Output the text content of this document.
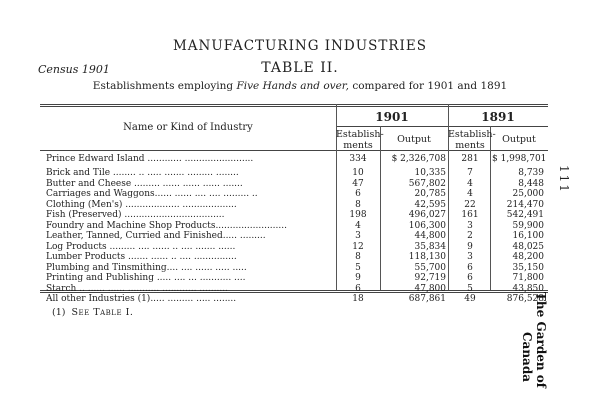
MANUFACTURING INDUSTRIES
Census 1901	TABLE II.
Establishments employing Five Hands and over, compared for 1901 and 1891
Name or Kind of Industry
1901	1891
Establish-
ments
Output	Establish-
ments
Output
Prince Edward Island ............ ........................	334	$ 2,326,708	281	$ 1,998,701
Brick and Tile ........ .. ..... ....... ......... ........	10	10,335	7	8,739
Butter and Cheese ......... ...... ...... ...... .......	47	567,802	4	8,448
Carriages and Waggons...... ...... .... .... ......... ..	6	20,785	4	25,000
Clothing (Men's) ................... ...................	8	42,595	22	214,470
Fish (Preserved) ...................................	198	496,027	161	542,491
Foundry and Machine Shop Products.........................	4	106,300	3	59,900
Leather, Tanned, Curried and Finished..... .........	3	44,800	2	16,100
Log Products ......... .... ...... .. .... ....... ......	12	35,834	9	48,025
Lumber Products ....... ...... .. .... ...............	8	118,130	3	48,200
Plumbing and Tinsmithing.... .... ...... ..... .....	5	55,700	6	35,150
Printing and Publishing ..... .... ... ........... ....	9	92,719	6	71,800
Starch .. ...... ...... ........... ............ ..........	6	47,800	5	43,850
All other Industries (1)..... ......... ..... ........	18	687,861	49	876,528
(1) See Table I.
111
The Garden of
Canada
